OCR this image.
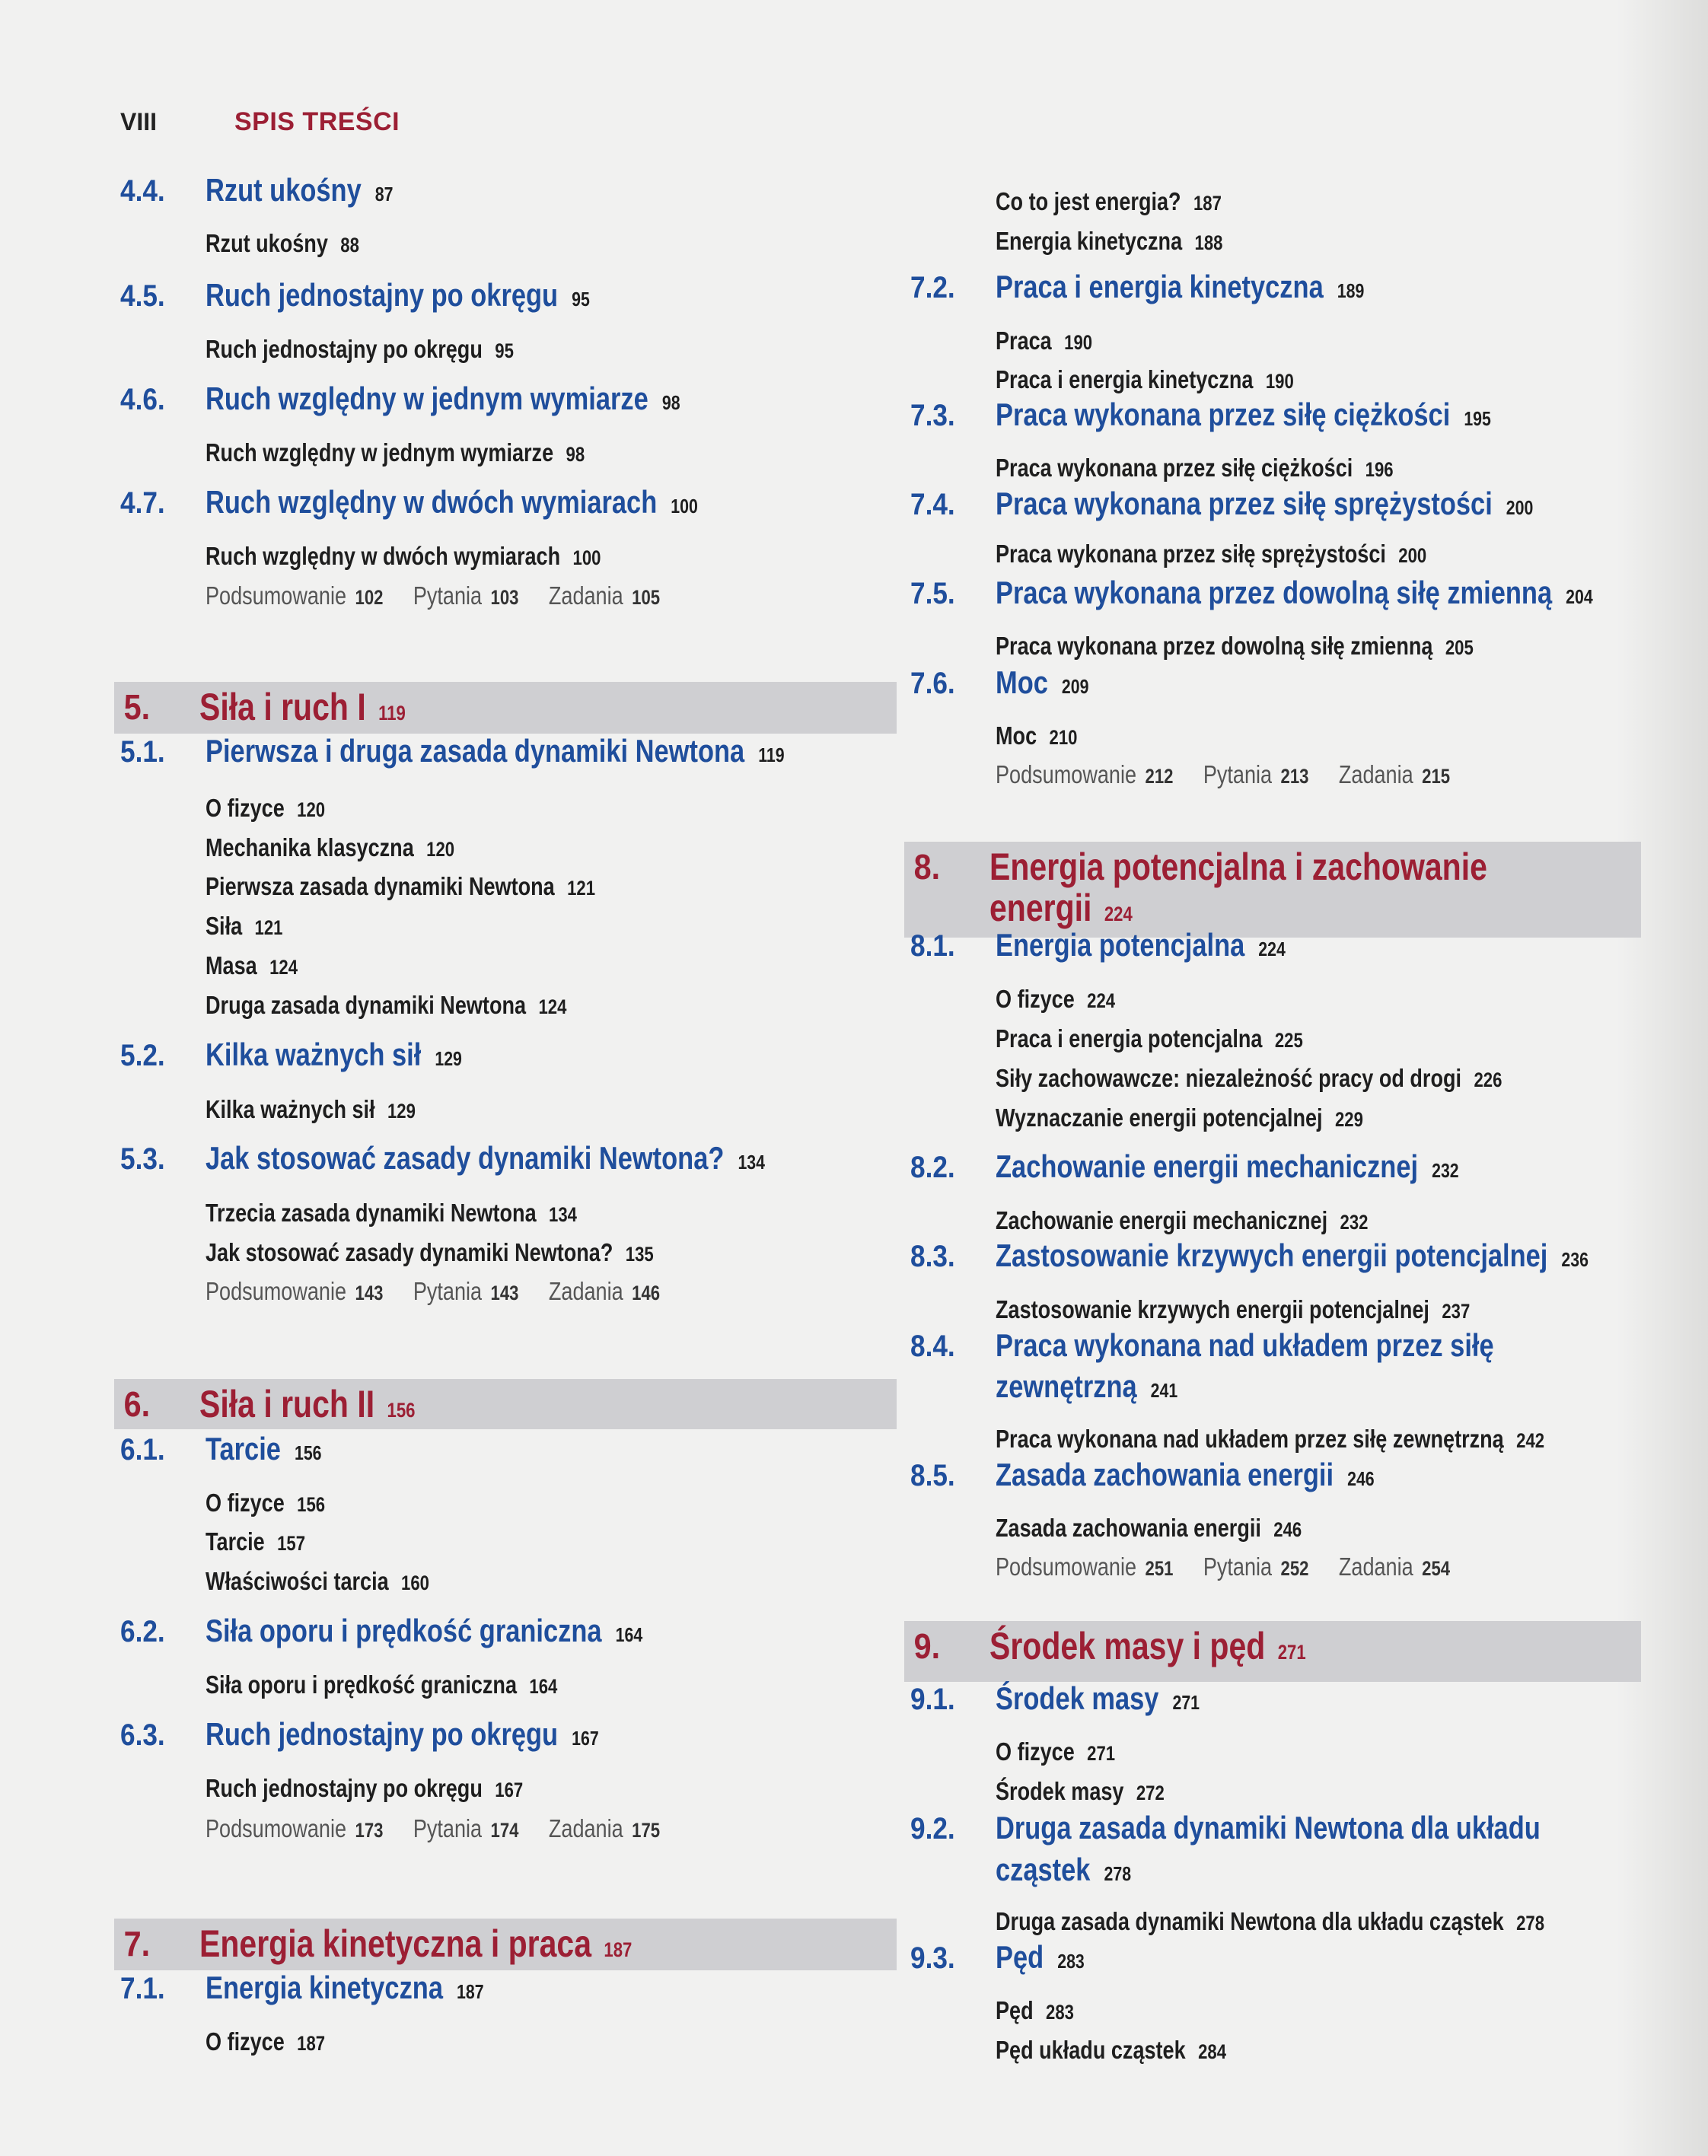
VIII	SPIS TREŚCI
4.4.	Rzut ukośny 87
Rzut ukośny 88
4.5.	Ruch jednostajny po okręgu 95
Ruch jednostajny po okręgu 95
4.6.	Ruch względny w jednym wymiarze 98
Ruch względny w jednym wymiarze 98
4.7.	Ruch względny w dwóch wymiarach 100
Ruch względny w dwóch wymiarach 100
Podsumowanie 102 Pytania 103 Zadania 105
5.	Siła i ruch I 119
5.1.	Pierwsza i druga zasada dynamiki Newtona 119
O fizyce 120
Mechanika klasyczna 120
Pierwsza zasada dynamiki Newtona 121
Siła 121
Masa 124
Druga zasada dynamiki Newtona 124
5.2.	Kilka ważnych sił 129
Kilka ważnych sił 129
5.3.	Jak stosować zasady dynamiki Newtona? 134
Trzecia zasada dynamiki Newtona 134
Jak stosować zasady dynamiki Newtona? 135
Podsumowanie 143 Pytania 143 Zadania 146
6.	Siła i ruch II 156
6.1.	Tarcie 156
O fizyce 156
Tarcie 157
Właściwości tarcia 160
6.2.	Siła oporu i prędkość graniczna 164
Siła oporu i prędkość graniczna 164
6.3.	Ruch jednostajny po okręgu 167
Ruch jednostajny po okręgu 167
Podsumowanie 173 Pytania 174 Zadania 175
7.	Energia kinetyczna i praca 187
7.1.	Energia kinetyczna 187
O fizyce 187
Co to jest energia? 187
Energia kinetyczna 188
7.2.	Praca i energia kinetyczna 189
Praca 190
Praca i energia kinetyczna 190
7.3.	Praca wykonana przez siłę ciężkości 195
Praca wykonana przez siłę ciężkości 196
7.4.	Praca wykonana przez siłę sprężystości 200
Praca wykonana przez siłę sprężystości 200
7.5.	Praca wykonana przez dowolną siłę zmienną 204
Praca wykonana przez dowolną siłę zmienną 205
7.6.	Moc 209
Moc 210
Podsumowanie 212 Pytania 213 Zadania 215
8.	Energia potencjalna i zachowanie
energii 224
8.1.	Energia potencjalna 224
O fizyce 224
Praca i energia potencjalna 225
Siły zachowawcze: niezależność pracy od drogi 226
Wyznaczanie energii potencjalnej 229
8.2.	Zachowanie energii mechanicznej 232
Zachowanie energii mechanicznej 232
8.3.	Zastosowanie krzywych energii potencjalnej 236
Zastosowanie krzywych energii potencjalnej 237
8.4.	Praca wykonana nad układem przez siłę
zewnętrzną 241
Praca wykonana nad układem przez siłę zewnętrzną 242
8.5.	Zasada zachowania energii 246
Zasada zachowania energii 246
Podsumowanie 251 Pytania 252 Zadania 254
9.	Środek masy i pęd 271
9.1.	Środek masy 271
O fizyce 271
Środek masy 272
9.2.	Druga zasada dynamiki Newtona dla układu
cząstek 278
Druga zasada dynamiki Newtona dla układu cząstek 278
9.3.	Pęd 283
Pęd 283
Pęd układu cząstek 284
